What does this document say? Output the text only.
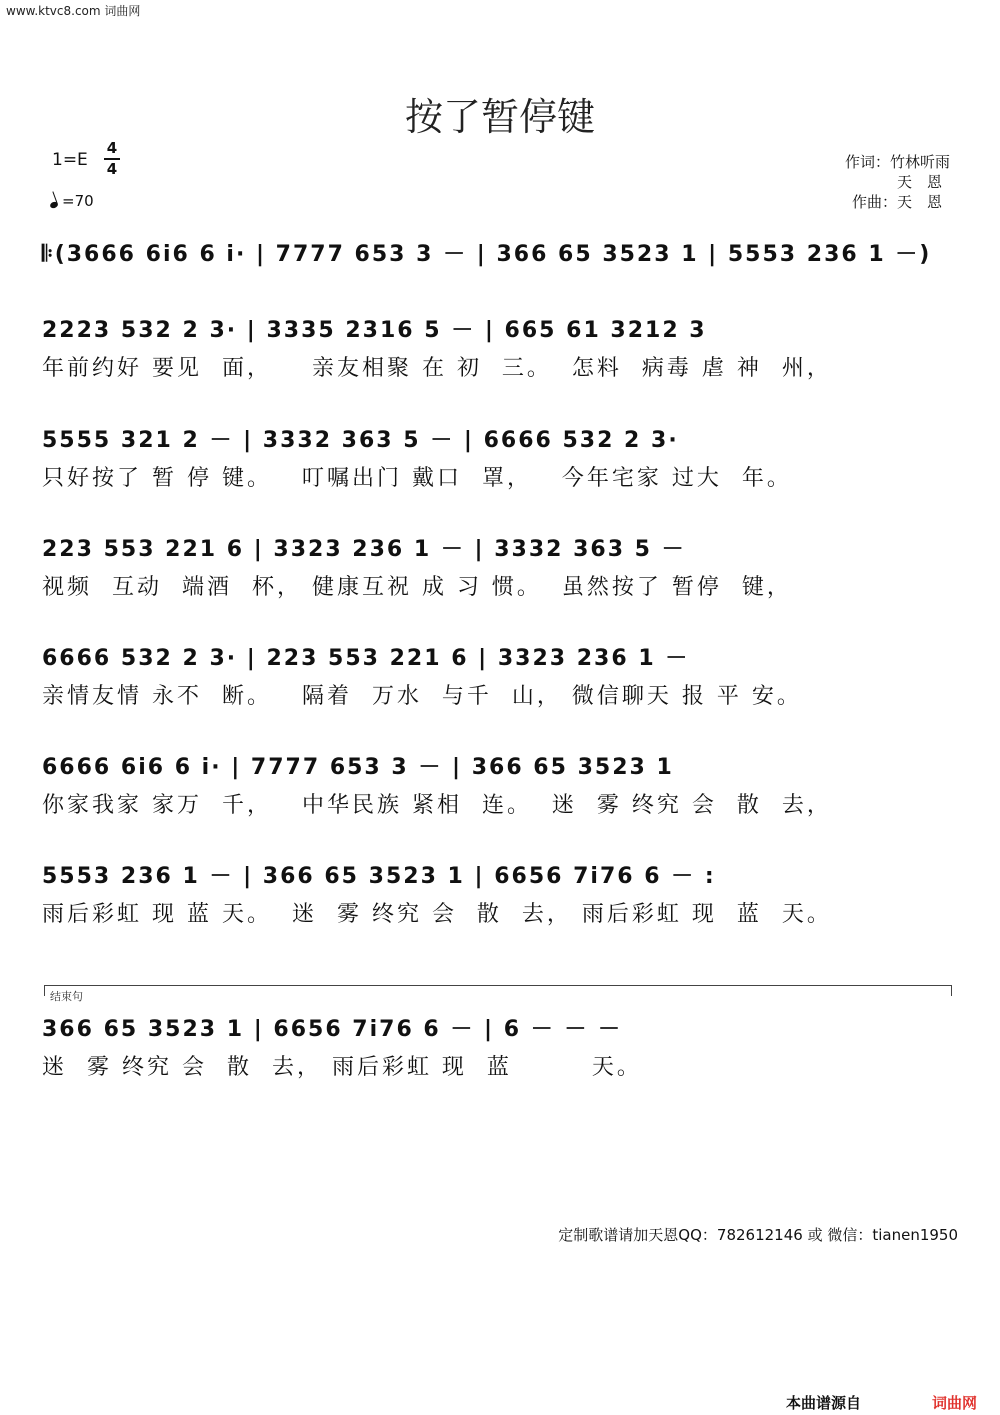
www.ktvc8.com 词曲网
按了暂停键
1=E
4
4
=70
作词：竹林听雨
天　恩
作曲：天　恩
𝄆(3666 6i6 6 i· | 7777 653 3 － | 366 65 3523 1 | 5553 236 1 －)
2223 532 2 3· | 3335 2316 5 － | 665 61 3212 3
年前约好 要见  面，    亲友相聚 在 初  三。  怎料  病毒 虐 神  州，
5555 321 2 － | 3332 363 5 － | 6666 532 2 3·
只好按了 暂 停 键。   叮嘱出门 戴口  罩，   今年宅家 过大  年。
223 553 221 6 | 3323 236 1 － | 3332 363 5 －
视频  互动  端酒  杯， 健康互祝 成 习 惯。  虽然按了 暂停  键，
6666 532 2 3· | 223 553 221 6 | 3323 236 1 －
亲情友情 永不  断。   隔着  万水  与千  山， 微信聊天 报 平 安。
6666 6i6 6 i· | 7777 653 3 － | 366 65 3523 1
你家我家 家万  千，   中华民族 紧相  连。  迷  雾 终究 会  散  去，
5553 236 1 － | 366 65 3523 1 | 6656 7i76 6 － :
雨后彩虹 现 蓝 天。  迷  雾 终究 会  散  去， 雨后彩虹 现  蓝  天。
结束句
366 65 3523 1 | 6656 7i76 6 － | 6 － － －
迷  雾 终究 会  散  去， 雨后彩虹 现  蓝        天。
定制歌谱请加天恩QQ：782612146 或 微信：tianen1950
本曲谱源自	词曲网
